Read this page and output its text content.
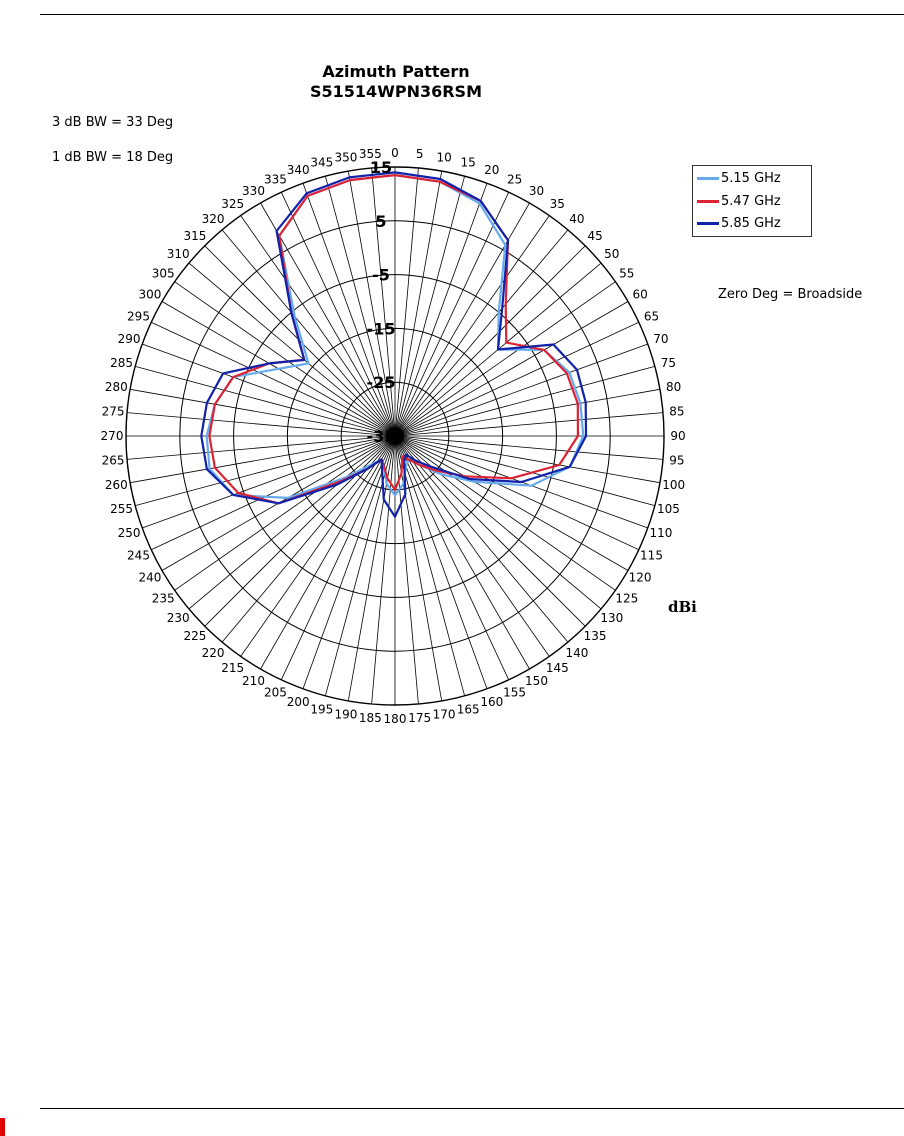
Azimuth Pattern
S51514WPN36RSM
3 dB BW = 33 Deg
1 dB BW = 18 Deg
Zero Deg = Broadside
dBi
5.15 GHz
5.47 GHz
5.85 GHz
0 5 10 15
20
25
30
35
40
45
50
55
60
65
70
75
80
85
90
95
100
105
110
115
120
125
130
135
140
145
150
155
160
165
170
175
180
185
190
195
200
205
210
215
220
225
230
235
240
245
250
255
260
265
270
275
280
285
290
295
300
305
310
315
320
325
330
335
340
345 350 355
15
5
-5
-15
-25
-35
